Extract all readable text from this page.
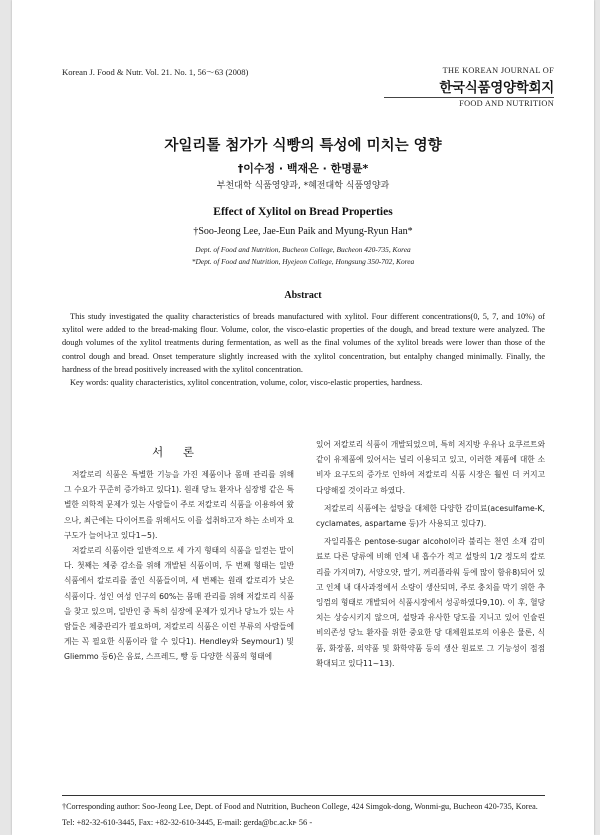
Korean J. Food & Nutr. Vol. 21. No. 1, 56～63 (2008)	THE KOREAN JOURNAL OF
한국식품영양학회지
FOOD AND NUTRITION
자일리톨 첨가가 식빵의 특성에 미치는 영향
†이수정 · 백재은 · 한명륜*
부천대학 식품영양과, *혜전대학 식품영양과
Effect of Xylitol on Bread Properties
†Soo-Jeong Lee, Jae-Eun Paik and Myung-Ryun Han*
Dept. of Food and Nutrition, Bucheon College, Bucheon 420-735, Korea
*Dept. of Food and Nutrition, Hyejeon College, Hongsung 350-702, Korea
Abstract
This study investigated the quality characteristics of breads manufactured with xylitol. Four different concentrations(0, 5, 7, and 10%) of xylitol were added to the bread-making flour. Volume, color, the visco-elastic properties of the dough, and bread texture were analyzed. The dough volumes of the xylitol treatments during fermentation, as well as the final volumes of the xylitol breads were lower than those of the control dough and bread. Onset temperature slightly increased with the xylitol concentration, but entalphy changed minimally. Finally, the hardness of the bread positively increased with the xylitol concentration.
Key words: quality characteristics, xylitol concentration, volume, color, visco-elastic properties, hardness.
서 론

저칼로리 식품은 특별한 기능을 가진 제품이나 몸매 관리를 위해 그 수요가 꾸준히 증가하고 있다1). 원래 당뇨 환자나 심장병 같은 특별한 의학적 문제가 있는 사람들이 주로 저칼로리 식품을 이용하여 왔으나, 최근에는 다이어트를 위해서도 이를 섭취하고자 하는 소비자 요구도가 늘어나고 있다1~5).

저칼로리 식품이란 일반적으로 세 가지 형태의 식품을 일컫는 말이다. 첫째는 체중 감소를 위해 개발된 식품이며, 두 번째 형태는 일반 식품에서 칼로리를 줄인 식품들이며, 세 번째는 원래 칼로리가 낮은 식품이다. 성인 여성 인구의 60%는 몸매 관리를 위해 저칼로리 식품을 찾고 있으며, 일반인 중 특히 심장에 문제가 있거나 당뇨가 있는 사람들은 체중관리가 필요하며, 저칼로리 식품은 이런 부류의 사람들에게는 꼭 필요한 식품이라 할 수 있다1). Hendley와 Seymour1) 및 Gliemmo 등6)은 음료, 스프레드, 빵 등 다양한 식품의 형태에

있어 저칼로리 식품이 개발되었으며, 특히 저지방 우유나 요쿠르트와 같이 유제품에 있어서는 널리 이용되고 있고, 이러한 제품에 대한 소비자 요구도의 증가로 인하여 저칼로리 식품 시장은 훨씬 더 커지고 다양해질 것이라고 하였다.

저칼로리 식품에는 설탕을 대체한 다양한 감미료(acesulfame-K, cyclamates, aspartame 등)가 사용되고 있다7).

자일리톨은 pentose-sugar alcohol이라 불리는 천연 소재 감미료로 다른 당류에 비해 인체 내 흡수가 적고 설탕의 1/2 정도의 칼로리를 가지며7), 서양오얏, 딸기, 꺼리플라워 등에 많이 함유8)되어 있고 인체 내 대사과정에서 소량이 생산되며, 주로 충치를 막기 위한 추잉껌의 형태로 개발되어 식품시장에서 성공하였다9,10). 이 후, 혈당치는 상승시키지 않으며, 설탕과 유사한 당도를 지니고 있어 인슐린 비의존성 당뇨 환자를 위한 중요한 당 대체원료로의 이용은 물론, 식품, 화장품, 의약품 및 화학약품 등의 생산 원료로 그 기능성이 점점 확대되고 있다11~13).

†Corresponding author: Soo-Jeong Lee, Dept. of Food and Nutrition, Bucheon College, 424 Simgok-dong, Wonmi-gu, Bucheon 420-735, Korea.
Tel: +82-32-610-3445, Fax: +82-32-610-3445, E-mail: gerda@bc.ac.kr
- 56 -
